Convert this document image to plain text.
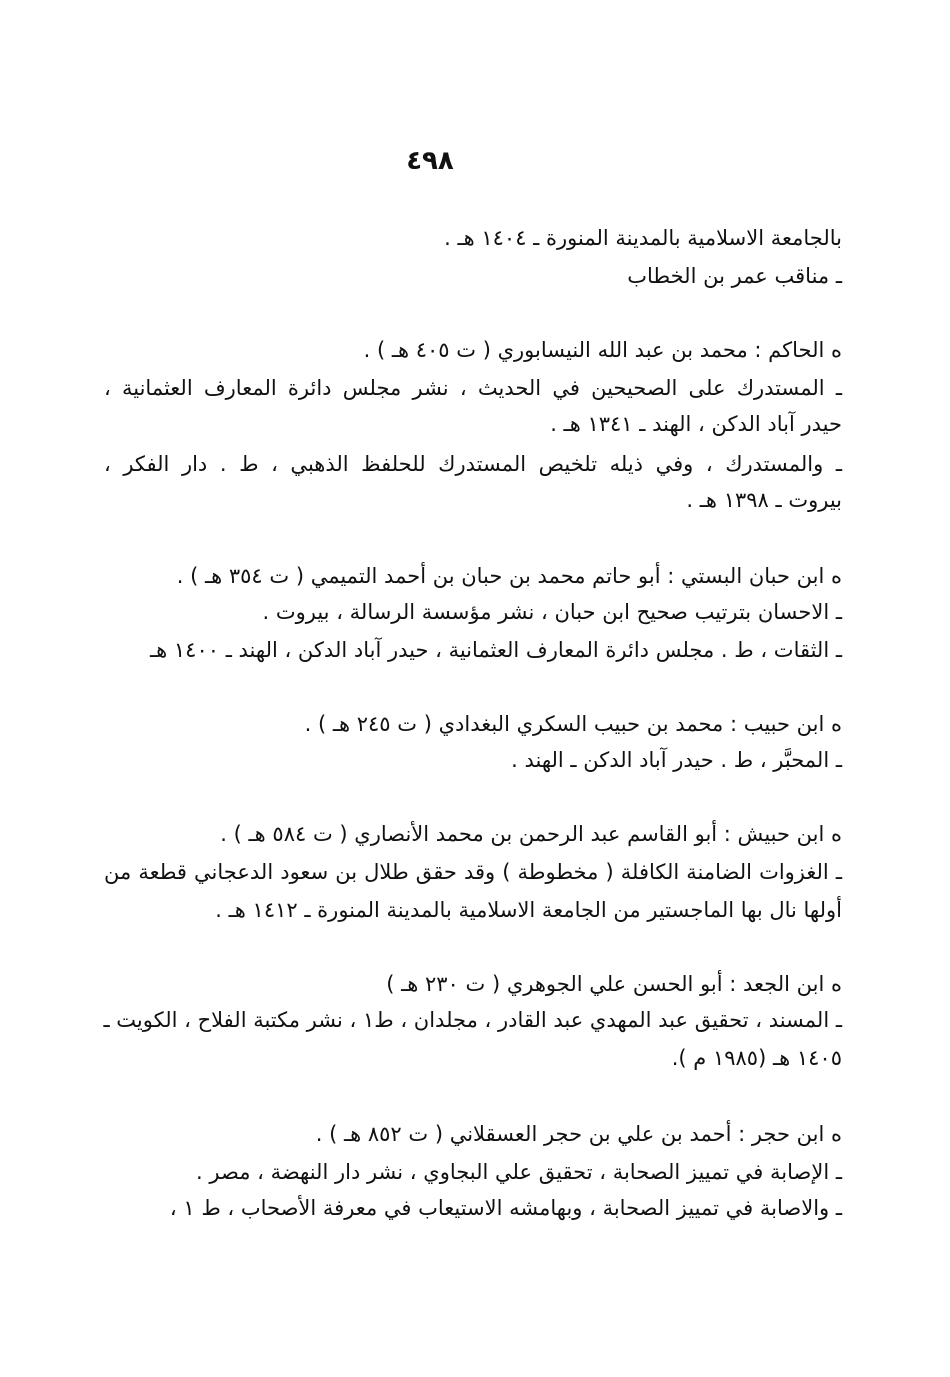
٤٩٨
بالجامعة الاسلامية بالمدينة المنورة ـ ١٤٠٤ هـ .
ـ مناقب عمر بن الخطاب
ه الحاكم : محمد بن عبد الله النيسابوري ( ت ٤٠٥ هـ ) .
ـ المستدرك على الصحيحين في الحديث ، نشر مجلس دائرة المعارف العثمانية ،
حيدر آباد الدكن ، الهند ـ ١٣٤١ هـ .
ـ والمستدرك ، وفي ذيله تلخيص المستدرك للحلفظ الذهبي ، ط . دار الفكر ،
بيروت ـ ١٣٩٨ هـ .
ه ابن حبان البستي : أبو حاتم محمد بن حبان بن أحمد التميمي ( ت ٣٥٤ هـ ) .
ـ الاحسان بترتيب صحيح ابن حبان ، نشر مؤسسة الرسالة ، بيروت .
ـ الثقات ، ط . مجلس دائرة المعارف العثمانية ، حيدر آباد الدكن ، الهند ـ ١٤٠٠ هـ
ه ابن حبيب : محمد بن حبيب السكري البغدادي ( ت ٢٤٥ هـ ) .
ـ المحبَّر ، ط . حيدر آباد الدكن ـ الهند .
ه ابن حبيش : أبو القاسم عبد الرحمن بن محمد الأنصاري ( ت ٥٨٤ هـ ) .
ـ الغزوات الضامنة الكافلة ( مخطوطة ) وقد حقق طلال بن سعود الدعجاني قطعة من
أولها نال بها الماجستير من الجامعة الاسلامية بالمدينة المنورة ـ ١٤١٢ هـ .
ه ابن الجعد : أبو الحسن علي الجوهري ( ت ٢٣٠ هـ )
ـ المسند ، تحقيق عبد المهدي عبد القادر ، مجلدان ، ط١ ، نشر مكتبة الفلاح ، الكويت ـ
١٤٠٥ هـ (١٩٨٥ م ).
ه ابن حجر : أحمد بن علي بن حجر العسقلاني ( ت ٨٥٢ هـ ) .
ـ الإصابة في تمييز الصحابة ، تحقيق علي البجاوي ، نشر دار النهضة ، مصر .
ـ والاصابة في تمييز الصحابة ، وبهامشه الاستيعاب في معرفة الأصحاب ، ط ١ ،
